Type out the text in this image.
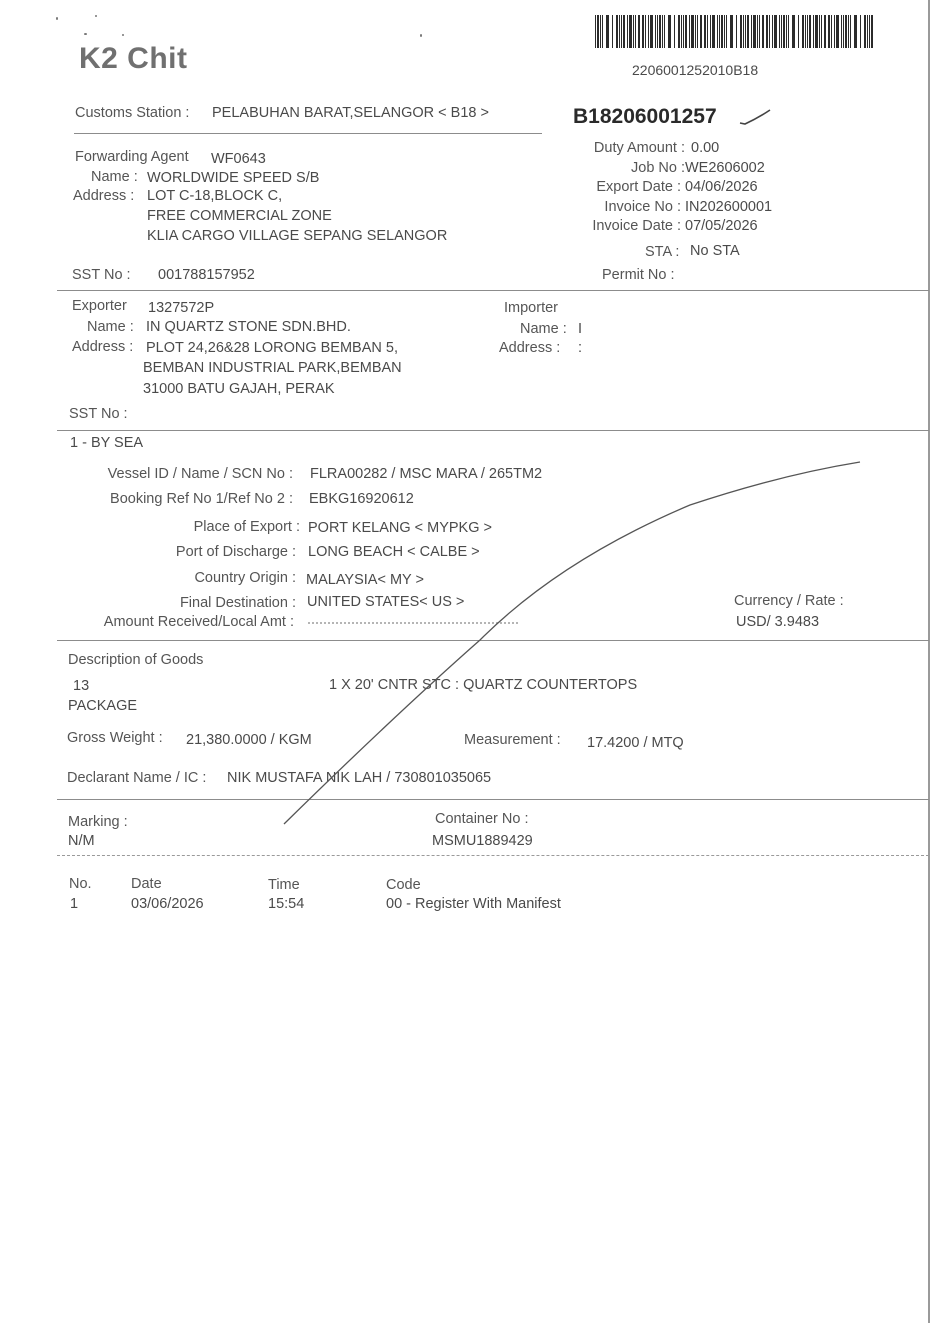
K2 Chit	2206001252010B18
Customs Station : PELABUHAN BARAT,SELANGOR < B18 >	B18206001257
Forwarding Agent WF0643
Name : WORLDWIDE SPEED S/B
Address : LOT C-18,BLOCK C,
FREE COMMERCIAL ZONE
KLIA CARGO VILLAGE SEPANG SELANGOR
SST No : 001788157952
Duty Amount : 0.00
Job No : WE2606002
Export Date : 04/06/2026
Invoice No : IN202600001
Invoice Date : 07/05/2026
STA : No STA
Permit No :
Exporter 1327572P
Name : IN QUARTZ STONE SDN.BHD.
Address : PLOT 24,26&28 LORONG BEMBAN 5,
BEMBAN INDUSTRIAL PARK,BEMBAN
31000 BATU GAJAH, PERAK
SST No :
Importer
Name : I
Address : :
1 - BY SEA
Vessel ID / Name / SCN No : FLRA00282 / MSC MARA / 265TM2
Booking Ref No 1/Ref No 2 : EBKG16920612
Place of Export : PORT KELANG < MYPKG >
Port of Discharge : LONG BEACH < CALBE >
Country Origin : MALAYSIA< MY >
Final Destination : UNITED STATES< US >
Amount Received/Local Amt :
Currency / Rate :
USD/ 3.9483
Description of Goods
13
PACKAGE
1 X 20' CNTR STC : QUARTZ COUNTERTOPS
Gross Weight : 21,380.0000 / KGM	Measurement : 17.4200 / MTQ
Declarant Name / IC : NIK MUSTAFA NIK LAH / 730801035065
Marking :
N/M
Container No :
MSMU1889429
No.	Date	Time	Code
1	03/06/2026	15:54	00 - Register With Manifest
